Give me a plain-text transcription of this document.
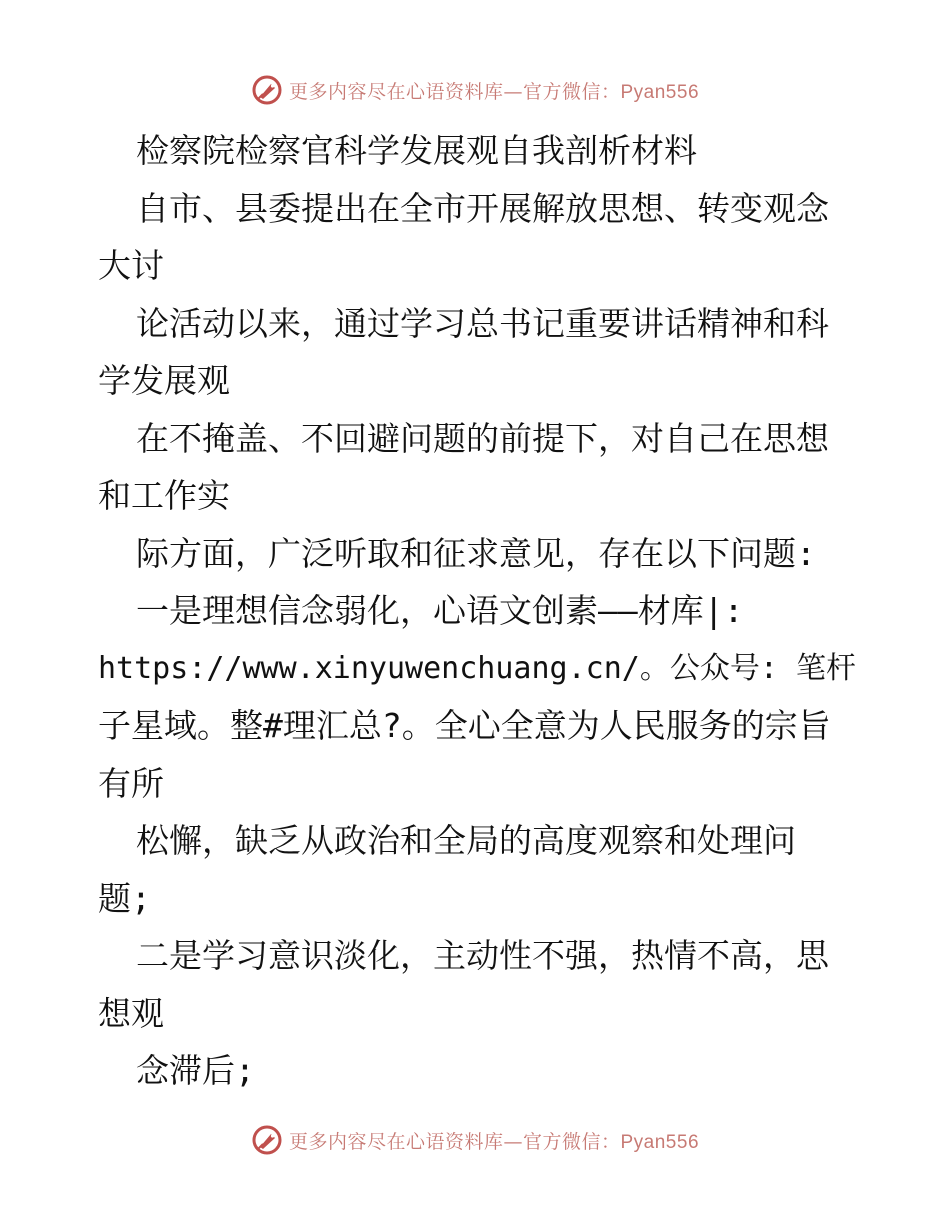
更多内容尽在心语资料库—官方微信：Pyan556
检察院检察官科学发展观自我剖析材料
自市、县委提出在全市开展解放思想、转变观念
大讨
论活动以来，通过学习总书记重要讲话精神和科
学发展观
在不掩盖、不回避问题的前提下，对自己在思想
和工作实
际方面，广泛听取和征求意见，存在以下问题:
一是理想信念弱化，心语文创素——材库|:
https://www.xinyuwenchuang.cn/。公众号: 笔杆
子星域。整#理汇总?。全心全意为人民服务的宗旨
有所
松懈，缺乏从政治和全局的高度观察和处理问
题;
二是学习意识淡化，主动性不强，热情不高，思
想观
念滞后;
更多内容尽在心语资料库—官方微信：Pyan556
